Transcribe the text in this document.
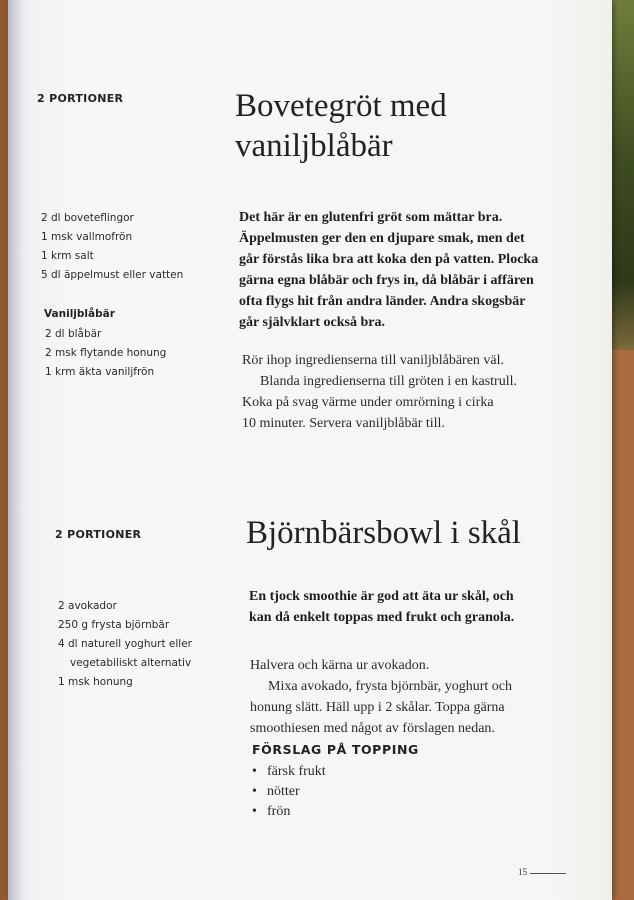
2 PORTIONER	Bovetegröt med
vaniljblåbär
2 dl boveteflingor
1 msk vallmofrön
1 krm salt
5 dl äppelmust eller vatten
Vaniljblåbär
2 dl blåbär
2 msk flytande honung
1 krm äkta vaniljfrön
Det här är en glutenfri gröt som mättar bra.
Äppelmusten ger den en djupare smak, men det
går förstås lika bra att koka den på vatten. Plocka
gärna egna blåbär och frys in, då blåbär i affären
ofta flygs hit från andra länder. Andra skogsbär
går självklart också bra.
Rör ihop ingredienserna till vaniljblåbären väl.
Blanda ingredienserna till gröten i en kastrull.
Koka på svag värme under omrörning i cirka
10 minuter. Servera vaniljblåbär till.
2 PORTIONER	Björnbärsbowl i skål
2 avokador
250 g frysta björnbär
4 dl naturell yoghurt eller
vegetabiliskt alternativ
1 msk honung
En tjock smoothie är god att äta ur skål, och
kan då enkelt toppas med frukt och granola.
Halvera och kärna ur avokadon.
Mixa avokado, frysta björnbär, yoghurt och
honung slätt. Häll upp i 2 skålar. Toppa gärna
smoothiesen med något av förslagen nedan.
FÖRSLAG PÅ TOPPING
• färsk frukt
• nötter
• frön
15
